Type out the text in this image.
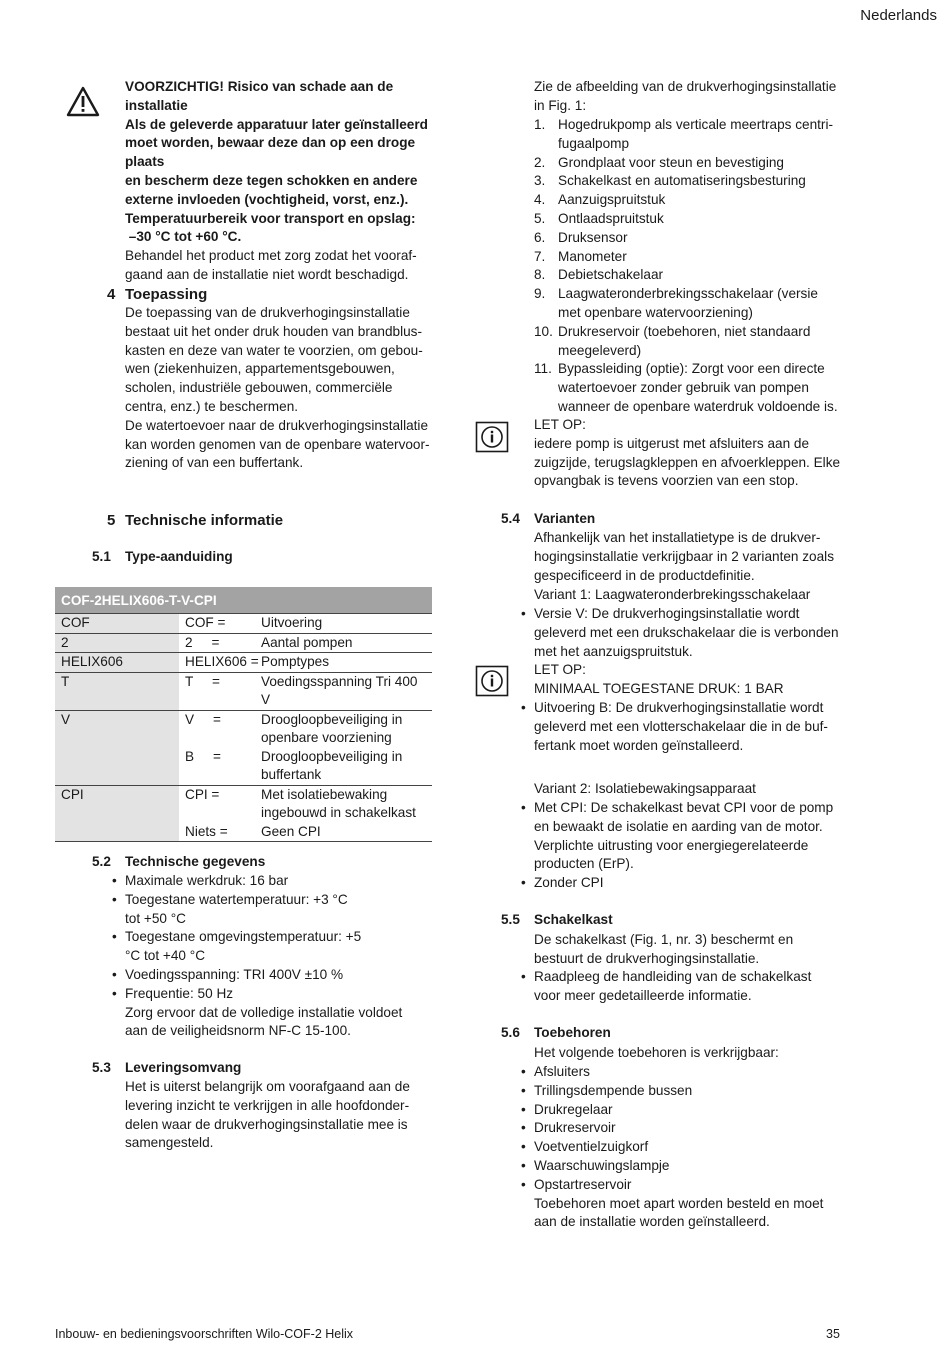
Nederlands

VOORZICHTIG! Risico van schade aan de installatie

Als de geleverde apparatuur later geïnstalleerd

moet worden, bewaar deze dan op een droge plaats

en bescherm deze tegen schokken en andere

externe invloeden (vochtigheid, vorst, enz.).

Temperatuurbereik voor transport en opslag:

–30 °C tot +60 °C.

Behandel het product met zorg zodat het vooraf-

gaand aan de installatie niet wordt beschadigd.

4 Toepassing

De toepassing van de drukverhogingsinstallatie

bestaat uit het onder druk houden van brandblus-

kasten en deze van water te voorzien, om gebou-

wen (ziekenhuizen, appartementsgebouwen,

scholen, industriële gebouwen, commerciële

centra, enz.) te beschermen.

De watertoevoer naar de drukverhogingsinstallatie

kan worden genomen van de openbare watervoor-

ziening of van een buffertank.

5 Technische informatie
5.1 Type-aanduiding
COF-2HELIX606-T-V-CPI	
COF	COF = Uitvoering

2	2     = Aantal pompen

HELIX606	HELIX606 = Pomptypes

T	T     = Voedingsspanning Tri 400 V

V	V     = Droogloopbeveiliging in openbare voorziening
B     = Droogloopbeveiliging in buffertank

CPI	CPI = Met isolatiebewaking ingebouwd in schakelkast
Niets = Geen CPI
5.2 Technische gegevens
• Maximale werkdruk: 16 bar
• Toegestane watertemperatuur: +3 °C tot +50 °C
• Toegestane omgevingstemperatuur: +5 °C tot +40 °C
• Voedingsspanning: TRI 400V ±10 %
• Frequentie: 50 Hz

Zorg ervoor dat de volledige installatie voldoet aan de veiligheidsnorm NF-C 15-100.

5.3 Leveringsomvang
Het is uiterst belangrijk om voorafgaand aan de levering inzicht te verkrijgen in alle hoofdonder-delen waar de drukverhogingsinstallatie mee is samengesteld.
Zie de afbeelding van de drukverhogingsinstallatie in Fig. 1:
1. Hogedrukpomp als verticale meertraps centri-fugaalpomp
2. Grondplaat voor steun en bevestiging
3. Schakelkast en automatiseringsbesturing
4. Aanzuigspruitstuk
5. Ontlaadspruitstuk
6. Druksensor
7. Manometer
8. Debietschakelaar
9. Laagwateronderbrekingsschakelaar (versie met openbare watervoorziening)
10. Drukreservoir (toebehoren, niet standaard meegeleverd)
11. Bypassleiding (optie): Zorgt voor een directe watertoevoer zonder gebruik van pompen wanneer de openbare waterdruk voldoende is.

LET OP:

iedere pomp is uitgerust met afsluiters aan de zuigzijde, terugslagkleppen en afvoerkleppen. Elke opvangbak is tevens voorzien van een stop.

5.4 Varianten
Afhankelijk van het installatietype is de drukver-hogingsinstallatie verkrijgbaar in 2 varianten zoals gespecificeerd in de productdefinitie.
Variant 1: Laagwateronderbrekingsschakelaar
• Versie V: De drukverhogingsinstallatie wordt geleverd met een drukschakelaar die is verbonden met het aanzuigspruitstuk.

LET OP:

MINIMAAL TOEGESTANE DRUK: 1 BAR

• Uitvoering B: De drukverhogingsinstallatie wordt geleverd met een vlotterschakelaar die in de buf-fertank moet worden geïnstalleerd.
Variant 2: Isolatiebewakingsapparaat
• Met CPI: De schakelkast bevat CPI voor de pomp en bewaakt de isolatie en aarding van de motor. Verplichte uitrusting voor energiegerelateerde producten (ErP).
• Zonder CPI
5.5 Schakelkast
De schakelkast (Fig. 1, nr. 3) beschermt en bestuurt de drukverhogingsinstallatie.
• Raadpleeg de handleiding van de schakelkast voor meer gedetailleerde informatie.
5.6 Toebehoren
Het volgende toebehoren is verkrijgbaar:
• Afsluiters
• Trillingsdempende bussen
• Drukregelaar
• Drukreservoir
• Voetventielzuigkorf
• Waarschuwingslampje
• Opstartreservoir

Toebehoren moet apart worden besteld en moet aan de installatie worden geïnstalleerd.

Inbouw- en bedieningsvoorschriften Wilo-COF-2 Helix	35
